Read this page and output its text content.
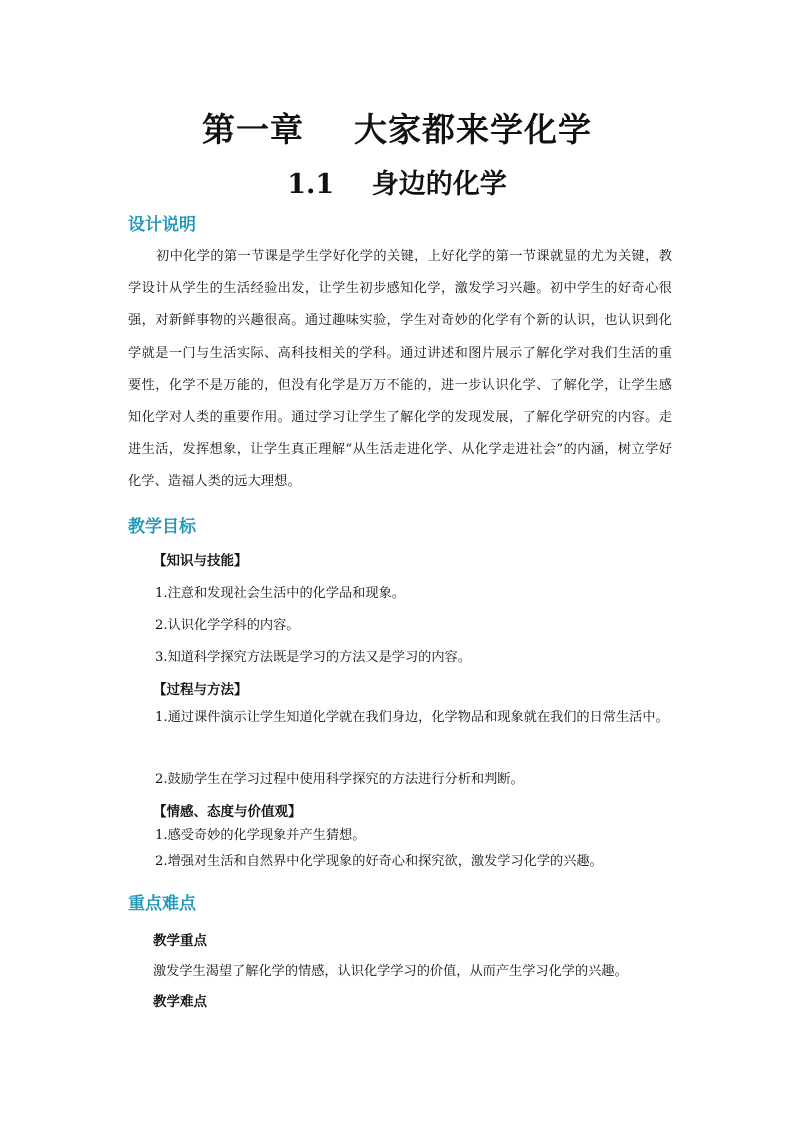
第一章    大家都来学化学
1.1    身边的化学
设计说明

初中化学的第一节课是学生学好化学的关键，上好化学的第一节课就显的尤为关键，教学设计从学生的生活经验出发，让学生初步感知化学，激发学习兴趣。初中学生的好奇心很强，对新鲜事物的兴趣很高。通过趣味实验，学生对奇妙的化学有个新的认识，也认识到化学就是一门与生活实际、高科技相关的学科。通过讲述和图片展示了解化学对我们生活的重要性，化学不是万能的，但没有化学是万万不能的，进一步认识化学、了解化学，让学生感知化学对人类的重要作用。通过学习让学生了解化学的发现发展，了解化学研究的内容。走进生活，发挥想象，让学生真正理解“从生活走进化学、从化学走进社会”的内涵，树立学好化学、造福人类的远大理想。

教学目标
【知识与技能】
1.注意和发现社会生活中的化学品和现象。
2.认识化学学科的内容。
3.知道科学探究方法既是学习的方法又是学习的内容。
【过程与方法】

1.通过课件演示让学生知道化学就在我们身边，化学物品和现象就在我们的日常生活中。

2.鼓励学生在学习过程中使用科学探究的方法进行分析和判断。
【情感、态度与价值观】
1.感受奇妙的化学现象并产生猜想。
2.增强对生活和自然界中化学现象的好奇心和探究欲，激发学习化学的兴趣。
重点难点
教学重点
激发学生渴望了解化学的情感，认识化学学习的价值，从而产生学习化学的兴趣。
教学难点
